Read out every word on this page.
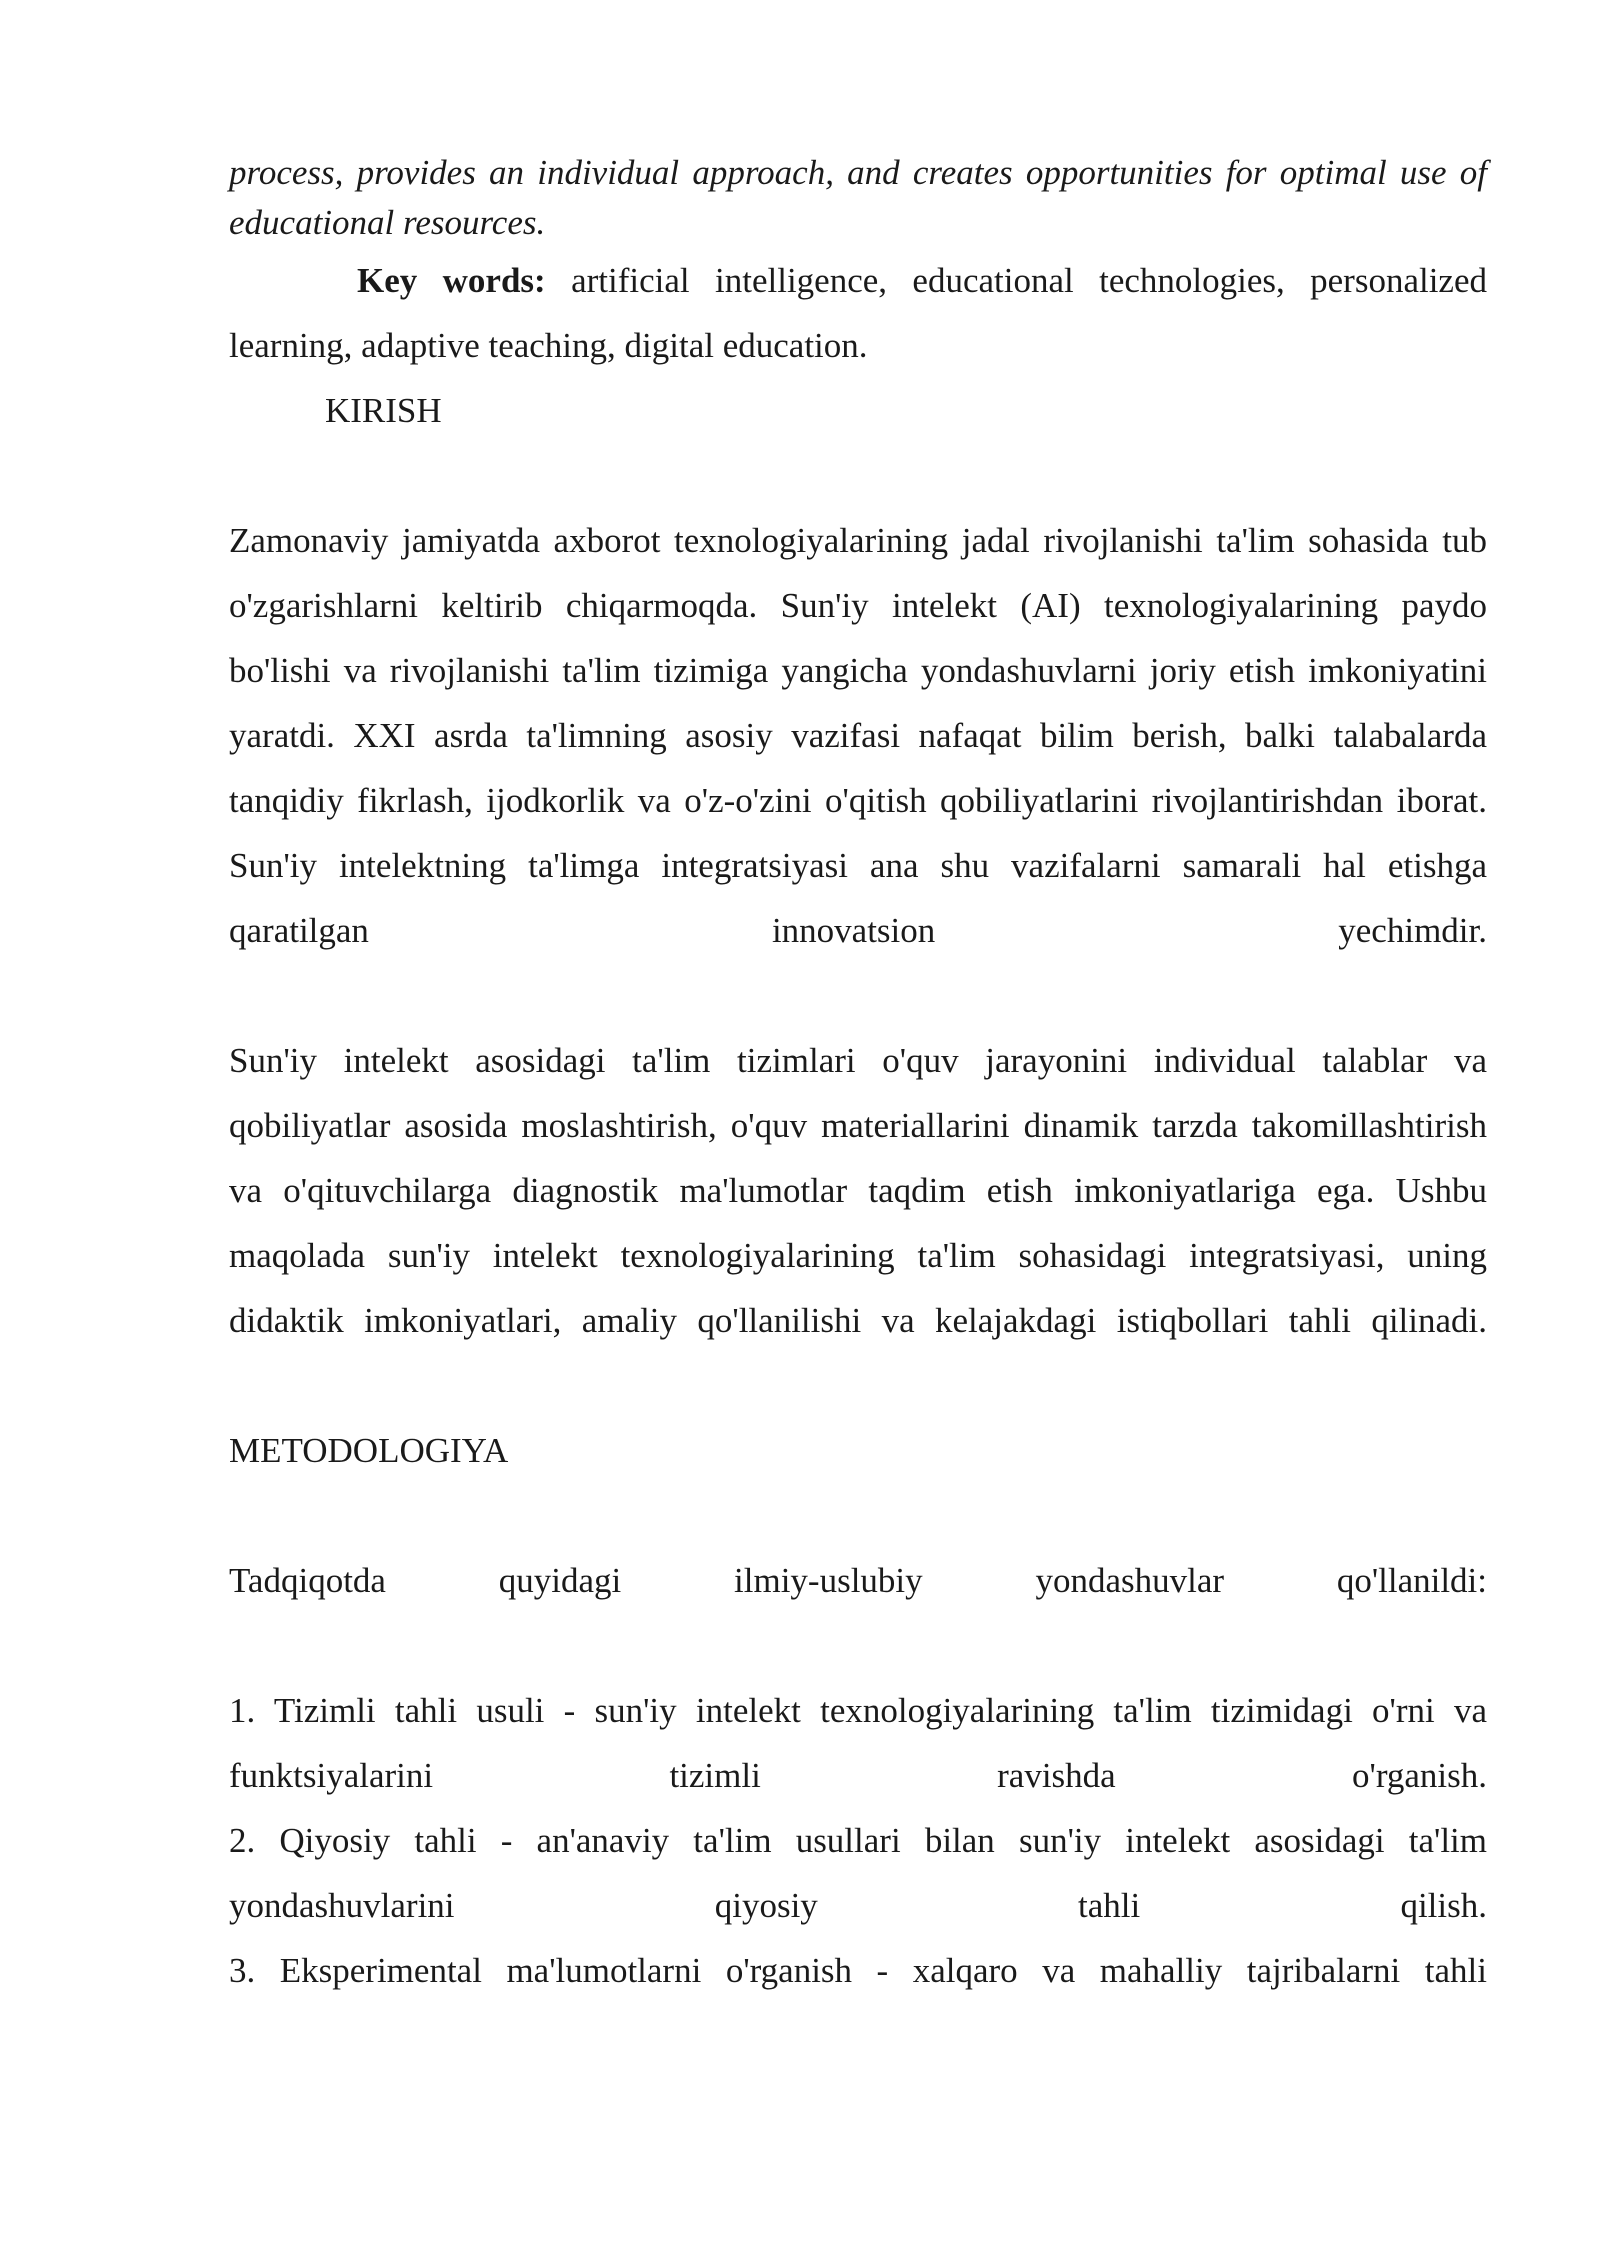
process, provides an individual approach, and creates opportunities for optimal use of educational resources.

Key words: artificial intelligence, educational technologies, personalized learning, adaptive teaching, digital education.

KIRISH

Zamonaviy jamiyatda axborot texnologiyalarining jadal rivojlanishi ta'lim sohasida tub o'zgarishlarni keltirib chiqarmoqda. Sun'iy intelekt (AI) texnologiyalarining paydo bo'lishi va rivojlanishi ta'lim tizimiga yangicha yondashuvlarni joriy etish imkoniyatini yaratdi. XXI asrda ta'limning asosiy vazifasi nafaqat bilim berish, balki talabalarda tanqidiy fikrlash, ijodkorlik va o'z-o'zini o'qitish qobiliyatlarini rivojlantirishdan iborat. Sun'iy intelektning ta'limga integratsiyasi ana shu vazifalarni samarali hal etishga qaratilgan innovatsion yechimdir.

Sun'iy intelekt asosidagi ta'lim tizimlari o'quv jarayonini individual talablar va qobiliyatlar asosida moslashtirish, o'quv materiallarini dinamik tarzda takomillashtirish va o'qituvchilarga diagnostik ma'lumotlar taqdim etish imkoniyatlariga ega. Ushbu maqolada sun'iy intelekt texnologiyalarining ta'lim sohasidagi integratsiyasi, uning didaktik imkoniyatlari, amaliy qo'llanilishi va kelajakdagi istiqbollari tahli qilinadi.

METODOLOGIYA

Tadqiqotda quyidagi ilmiy-uslubiy yondashuvlar qo'llanildi:

1. Tizimli tahli usuli - sun'iy intelekt texnologiyalarining ta'lim tizimidagi o'rni va funktsiyalarini tizimli ravishda o'rganish.

2. Qiyosiy tahli - an'anaviy ta'lim usullari bilan sun'iy intelekt asosidagi ta'lim yondashuvlarini qiyosiy tahli qilish.

3. Eksperimental ma'lumotlarni o'rganish - xalqaro va mahalliy tajribalarni tahli
